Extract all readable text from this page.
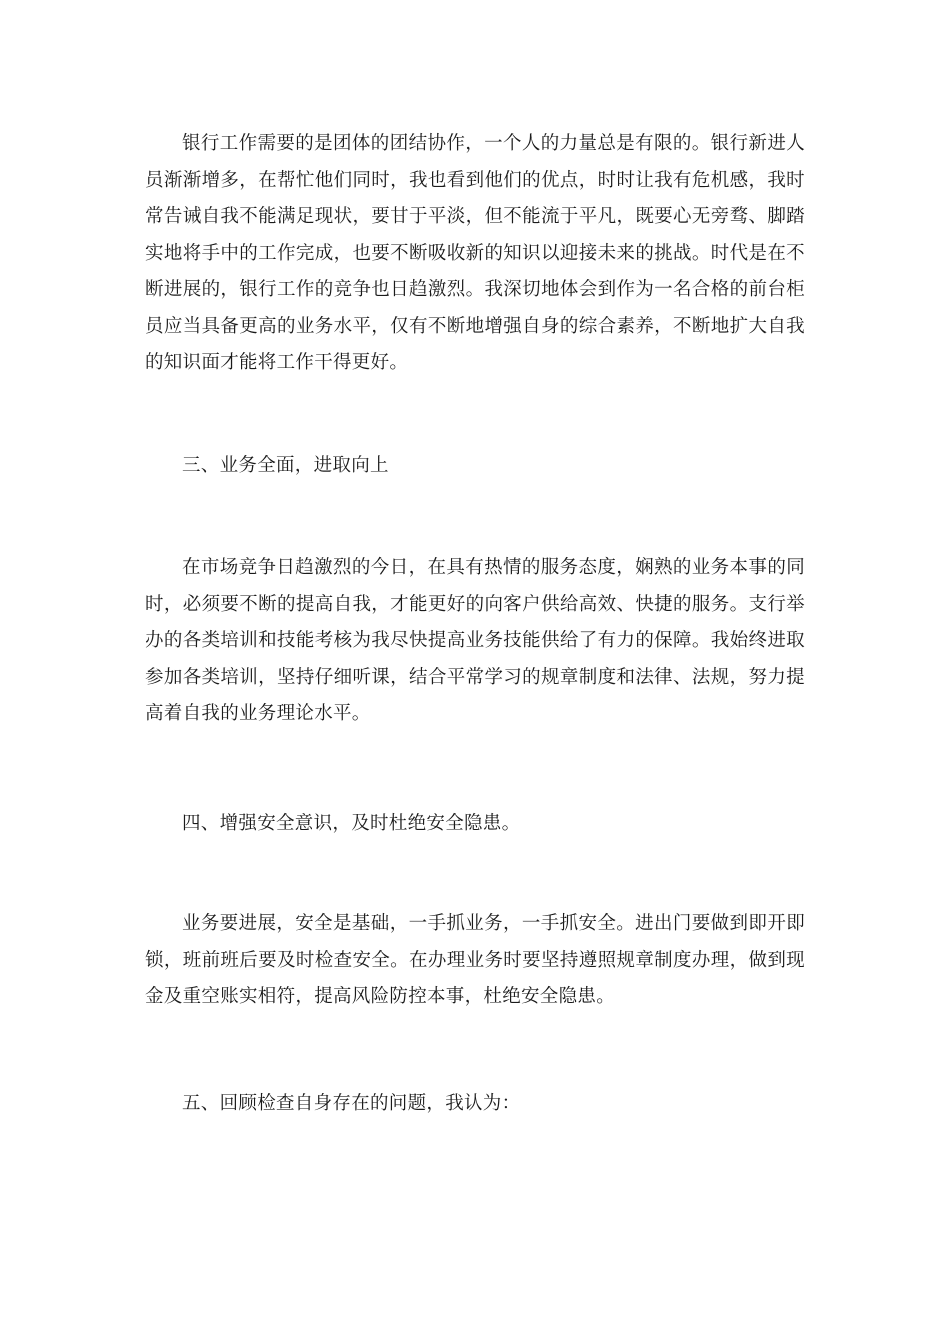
银行工作需要的是团体的团结协作，一个人的力量总是有限的。银行新进人员渐渐增多，在帮忙他们同时，我也看到他们的优点，时时让我有危机感，我时常告诫自我不能满足现状，要甘于平淡，但不能流于平凡，既要心无旁骛、脚踏实地将手中的工作完成，也要不断吸收新的知识以迎接未来的挑战。时代是在不断进展的，银行工作的竞争也日趋激烈。我深切地体会到作为一名合格的前台柜员应当具备更高的业务水平，仅有不断地增强自身的综合素养，不断地扩大自我的知识面才能将工作干得更好。

三、业务全面，进取向上

在市场竞争日趋激烈的今日，在具有热情的服务态度，娴熟的业务本事的同时，必须要不断的提高自我，才能更好的向客户供给高效、快捷的服务。支行举办的各类培训和技能考核为我尽快提高业务技能供给了有力的保障。我始终进取参加各类培训，坚持仔细听课，结合平常学习的规章制度和法律、法规，努力提高着自我的业务理论水平。

四、增强安全意识，及时杜绝安全隐患。

业务要进展，安全是基础，一手抓业务，一手抓安全。进出门要做到即开即锁，班前班后要及时检查安全。在办理业务时要坚持遵照规章制度办理，做到现金及重空账实相符，提高风险防控本事，杜绝安全隐患。

五、回顾检查自身存在的问题，我认为：
